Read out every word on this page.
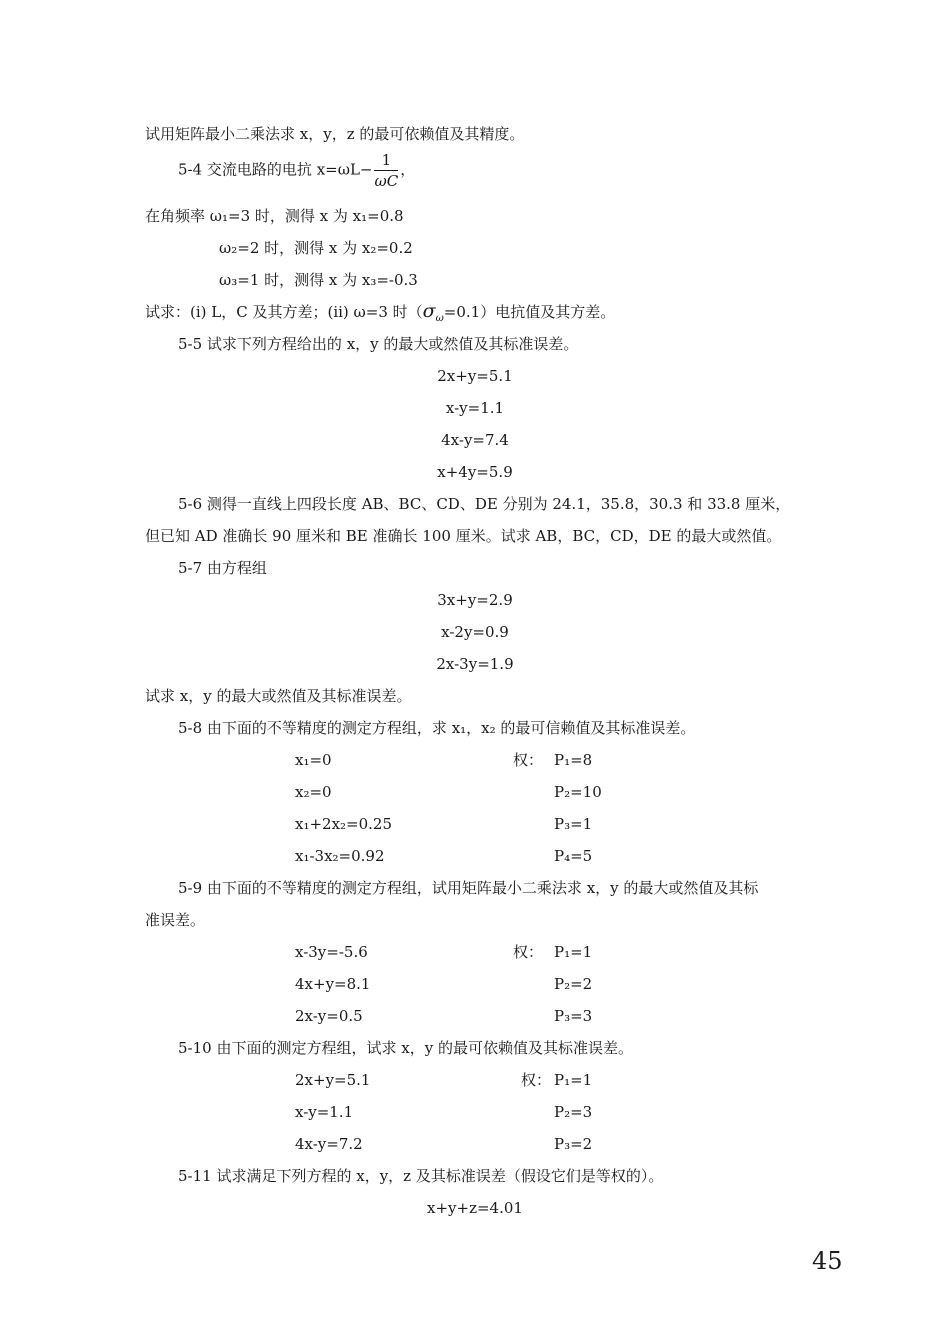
试用矩阵最小二乘法求 x，y，z 的最可依赖值及其精度。
5-4 交流电路的电抗 $x=\omega L- \frac{1}{\omega C}$ ，
在角频率 ω₁=3 时，测得 x 为 x₁=0.8
ω₂=2 时，测得 x 为 x₂=0.2
ω₃=1 时，测得 x 为 x₃=-0.3
试求：(i) L，C 及其方差；(ii) ω=3 时$(\sigma_\omega=0.1)$电抗值及其方差。
5-5 试求下列方程给出的 x，y 的最大或然值及其标准误差。
2x+y=5.1
x-y=1.1
4x-y=7.4
x+4y=5.9
5-6 测得一直线上四段长度 AB、BC、CD、DE 分别为 24.1，35.8，30.3 和 33.8 厘米，
但已知 AD 准确长 90 厘米和 BE 准确长 100 厘米。试求 AB，BC，CD，DE 的最大或然值。
5-7 由方程组
3x+y=2.9
x-2y=0.9
2x-3y=1.9
试求 x，y 的最大或然值及其标准误差。
5-8 由下面的不等精度的测定方程组，求 x₁，x₂ 的最可信赖值及其标准误差。
x₁=0	权： P₁=8
x₂=0	P₂=10
x₁+2x₂=0.25	P₃=1
x₁-3x₂=0.92	P₄=5
5-9 由下面的不等精度的测定方程组，试用矩阵最小二乘法求 x，y 的最大或然值及其标
准误差。
x-3y=-5.6	权： P₁=1
4x+y=8.1	P₂=2
2x-y=0.5	P₃=3
5-10 由下面的测定方程组，试求 x，y 的最可依赖值及其标准误差。
2x+y=5.1	权： P₁=1
x-y=1.1	P₂=3
4x-y=7.2	P₃=2
5-11 试求满足下列方程的 x，y，z 及其标准误差（假设它们是等权的）。
x+y+z=4.01
45
